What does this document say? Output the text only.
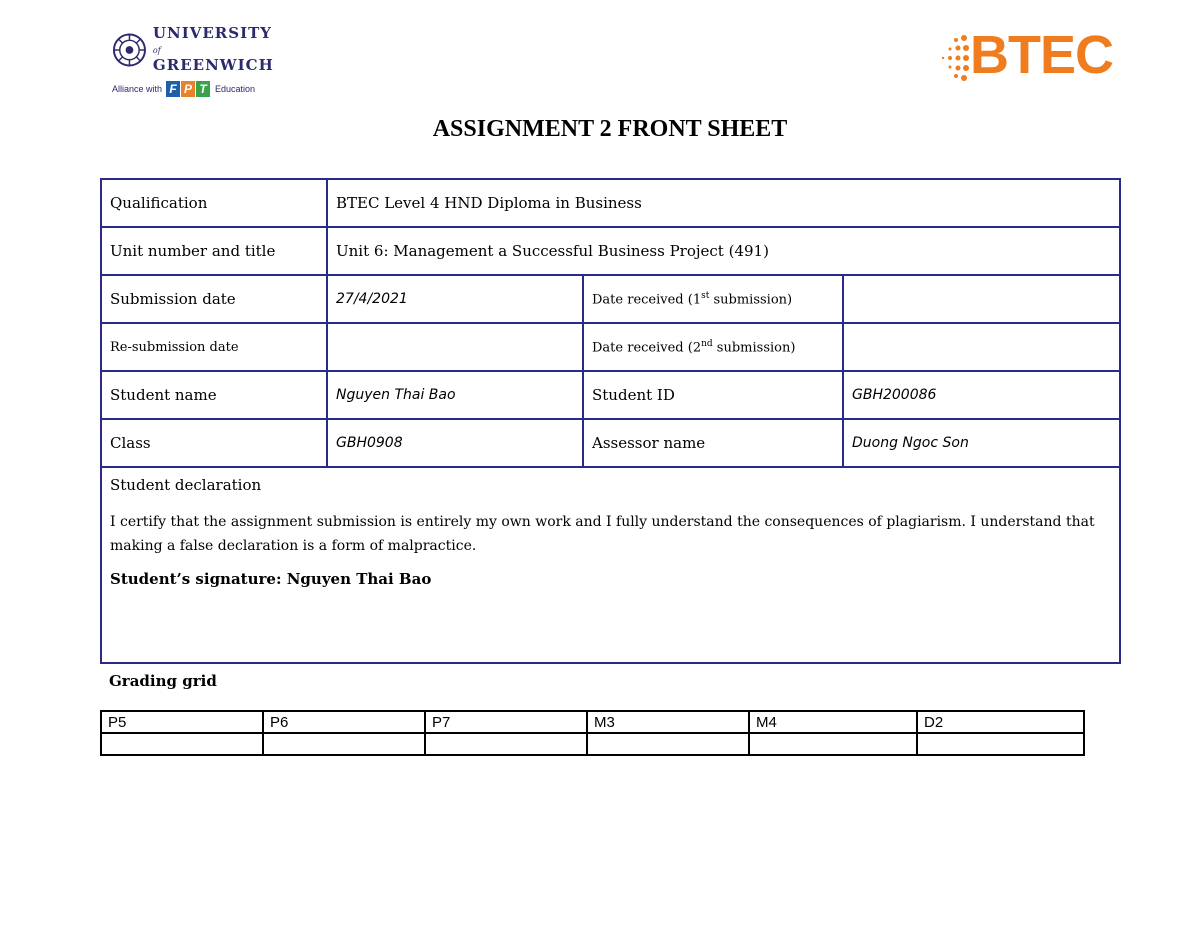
UNIVERSITY of
GREENWICH
Alliance with F P T Education
BTEC
ASSIGNMENT 2 FRONT SHEET
Qualification	BTEC Level 4 HND Diploma in Business		
Unit number and title	Unit 6: Management a Successful Business Project (491)		
Submission date	27/4/2021	Date received (1st submission)	
Re-submission date		Date received (2nd submission)	
Student name	Nguyen Thai Bao	Student ID	GBH200086
Class	GBH0908	Assessor name	Duong Ngoc Son

Student declaration
I certify that the assignment submission is entirely my own work and I fully understand the consequences of plagiarism. I understand that making a false declaration is a form of malpractice.
Student’s signature: Nguyen Thai Bao			
Grading grid
P5	P6	P7	M3	M4	D2
